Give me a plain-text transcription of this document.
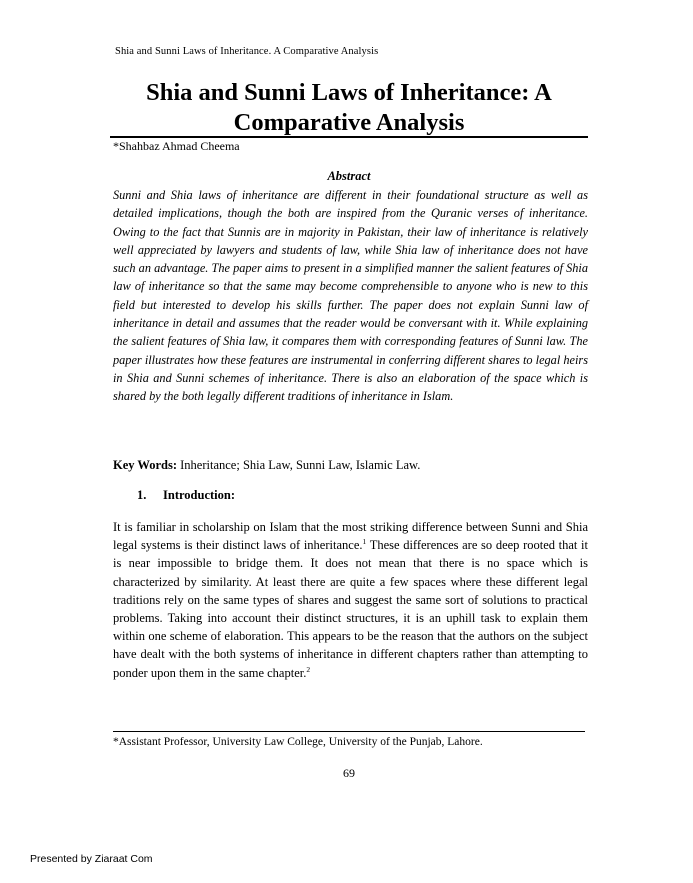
Shia and Sunni Laws of Inheritance. A Comparative Analysis
Shia and Sunni Laws of Inheritance: A Comparative Analysis
*Shahbaz Ahmad Cheema
Abstract
Sunni and Shia laws of inheritance are different in their foundational structure as well as detailed implications, though the both are inspired from the Quranic verses of inheritance. Owing to the fact that Sunnis are in majority in Pakistan, their law of inheritance is relatively well appreciated by lawyers and students of law, while Shia law of inheritance does not have such an advantage. The paper aims to present in a simplified manner the salient features of Shia law of inheritance so that the same may become comprehensible to anyone who is new to this field but interested to develop his skills further. The paper does not explain Sunni law of inheritance in detail and assumes that the reader would be conversant with it. While explaining the salient features of Shia law, it compares them with corresponding features of Sunni law. The paper illustrates how these features are instrumental in conferring different shares to legal heirs in Shia and Sunni schemes of inheritance. There is also an elaboration of the space which is shared by the both legally different traditions of inheritance in Islam.
Key Words: Inheritance; Shia Law, Sunni Law, Islamic Law.
1. Introduction:
It is familiar in scholarship on Islam that the most striking difference between Sunni and Shia legal systems is their distinct laws of inheritance.$^1$ These differences are so deep rooted that it is near impossible to bridge them. It does not mean that there is no space which is characterized by similarity. At least there are quite a few spaces where these different legal traditions rely on the same types of shares and suggest the same sort of solutions to practical problems. Taking into account their distinct structures, it is an uphill task to explain them within one scheme of elaboration. This appears to be the reason that the authors on the subject have dealt with the both systems of inheritance in different chapters rather than attempting to ponder upon them in the same chapter.$^2$
*Assistant Professor, University Law College, University of the Punjab, Lahore.
69
Presented by Ziaraat Com
